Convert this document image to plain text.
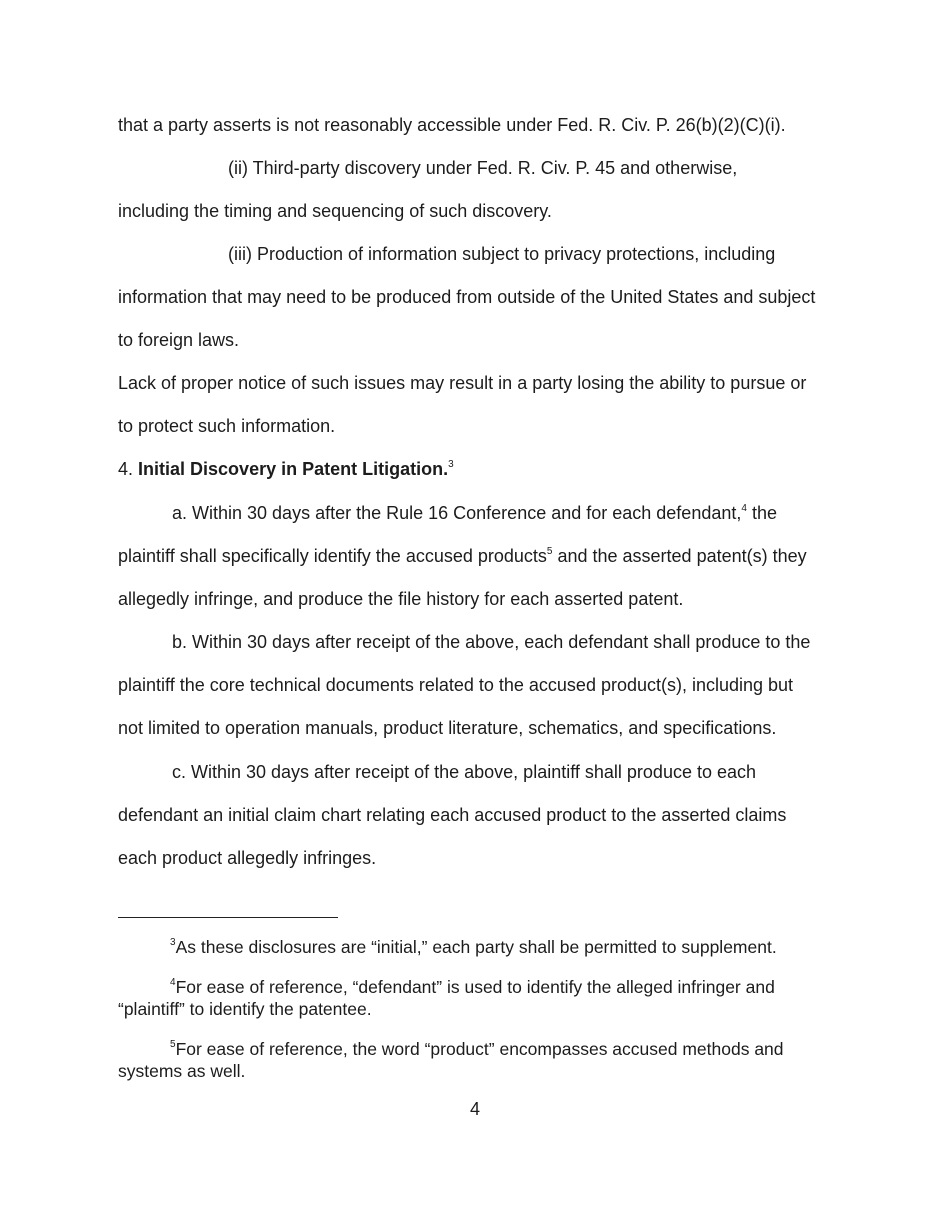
that a party asserts is not reasonably accessible under Fed. R. Civ. P. 26(b)(2)(C)(i).
(ii) Third-party discovery under Fed. R. Civ. P. 45 and otherwise,
including the timing and sequencing of such discovery.
(iii) Production of information subject to privacy protections, including
information that may need to be produced from outside of the United States and subject
to foreign laws.
Lack of proper notice of such issues may result in a party losing the ability to pursue or
to protect such information.
4. Initial Discovery in Patent Litigation.$^3$
a. Within 30 days after the Rule 16 Conference and for each defendant,$^4$ the
plaintiff shall specifically identify the accused products$^5$ and the asserted patent(s) they
allegedly infringe, and produce the file history for each asserted patent.
b. Within 30 days after receipt of the above, each defendant shall produce to the
plaintiff the core technical documents related to the accused product(s), including but
not limited to operation manuals, product literature, schematics, and specifications.
c. Within 30 days after receipt of the above, plaintiff shall produce to each
defendant an initial claim chart relating each accused product to the asserted claims
each product allegedly infringes.
$^3$As these disclosures are “initial,” each party shall be permitted to supplement.
$^4$For ease of reference, “defendant” is used to identify the alleged infringer and
“plaintiff” to identify the patentee.
$^5$For ease of reference, the word “product” encompasses accused methods and
systems as well.
4
